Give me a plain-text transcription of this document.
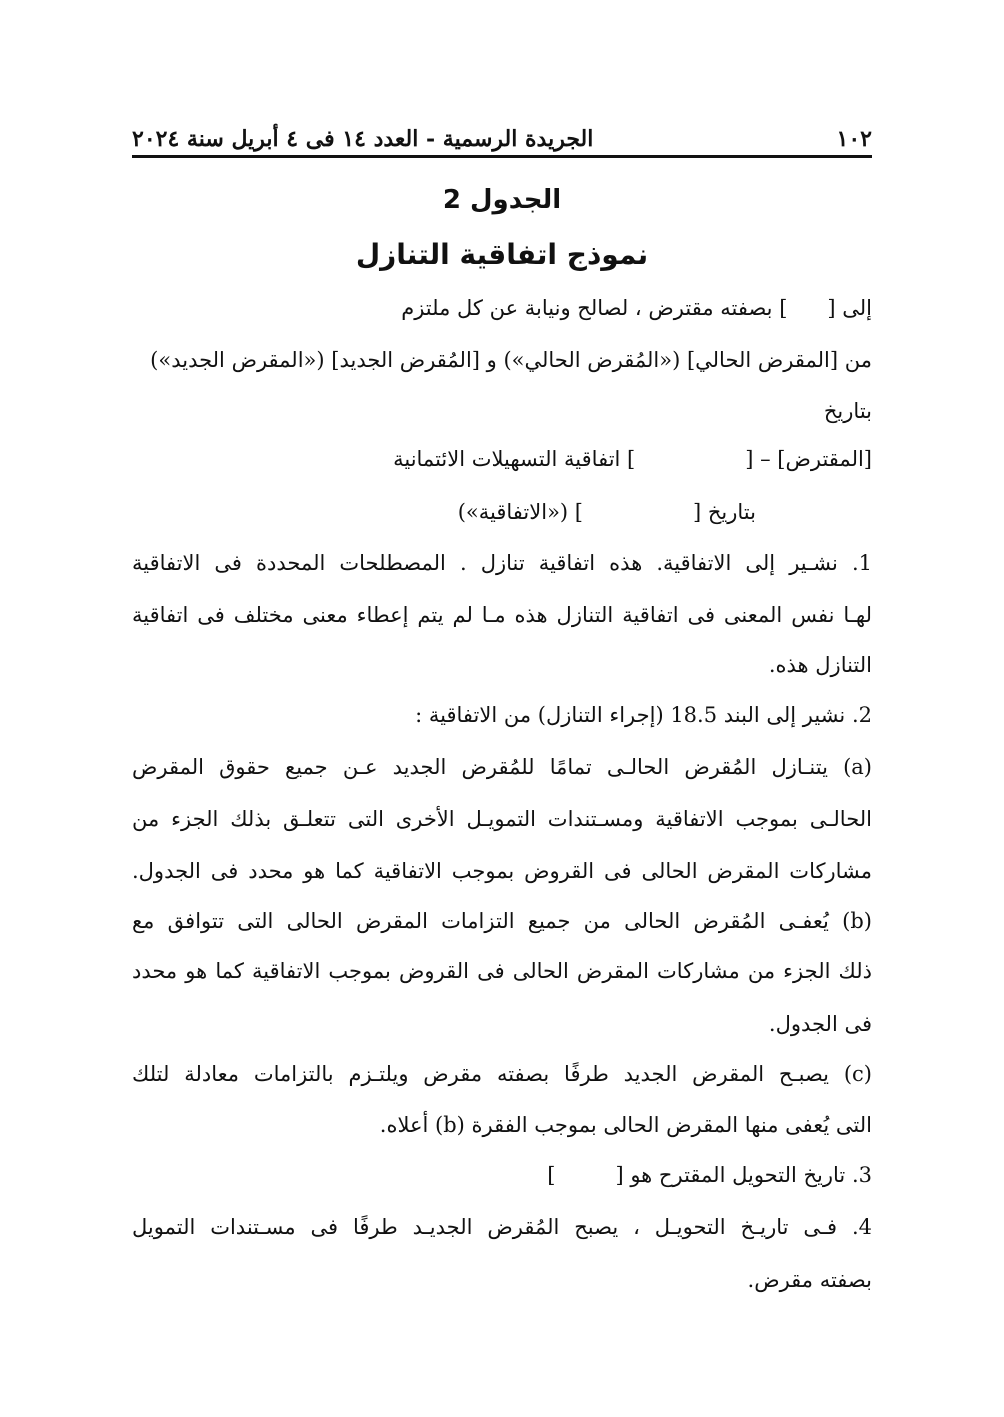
١٠٢
الجريدة الرسمية - العدد ١٤ فى ٤ أبريل سنة ٢٠٢٤
الجدول 2
نموذج اتفاقية التنازل
إلى [] بصفته مقترض ، لصالح ونيابة عن كل ملتزم
من [المقرض الحالي] («المُقرض الحالي») و [المُقرض الجديد] («المقرض الجديد»)
بتاريخ
[المقترض] – [] اتفاقية التسهيلات الائتمانية
بتاريخ [] («الاتفاقية»)
1. نشـير إلى الاتفاقية. هذه اتفاقية تنازل . المصطلحات المحددة فى الاتفاقية
لهـا نفس المعنى فى اتفاقية التنازل هذه مـا لم يتم إعطاء معنى مختلف فى اتفاقية
التنازل هذه.
2. نشير إلى البند 18.5 (إجراء التنازل) من الاتفاقية :
(a) يتنـازل المُقرض الحالـى تمامًا للمُقرض الجديد عـن جميع حقوق المقرض
الحالـى بموجب الاتفاقية ومسـتندات التمويـل الأخرى التى تتعلـق بذلك الجزء من
مشاركات المقرض الحالى فى القروض بموجب الاتفاقية كما هو محدد فى الجدول.
(b) يُعفـى المُقرض الحالى من جميع التزامات المقرض الحالى التى تتوافق مع
ذلك الجزء من مشاركات المقرض الحالى فى القروض بموجب الاتفاقية كما هو محدد
فى الجدول.
(c) يصبـح المقرض الجديد طرفًا بصفته مقرض ويلتـزم بالتزامات معادلة لتلك
التى يُعفى منها المقرض الحالى بموجب الفقرة (b) أعلاه.
3. تاريخ التحويل المقترح هو []
4. فـى تاريـخ التحويـل ، يصبح المُقرض الجديـد طرفًا فى مسـتندات التمويل
بصفته مقرض.
